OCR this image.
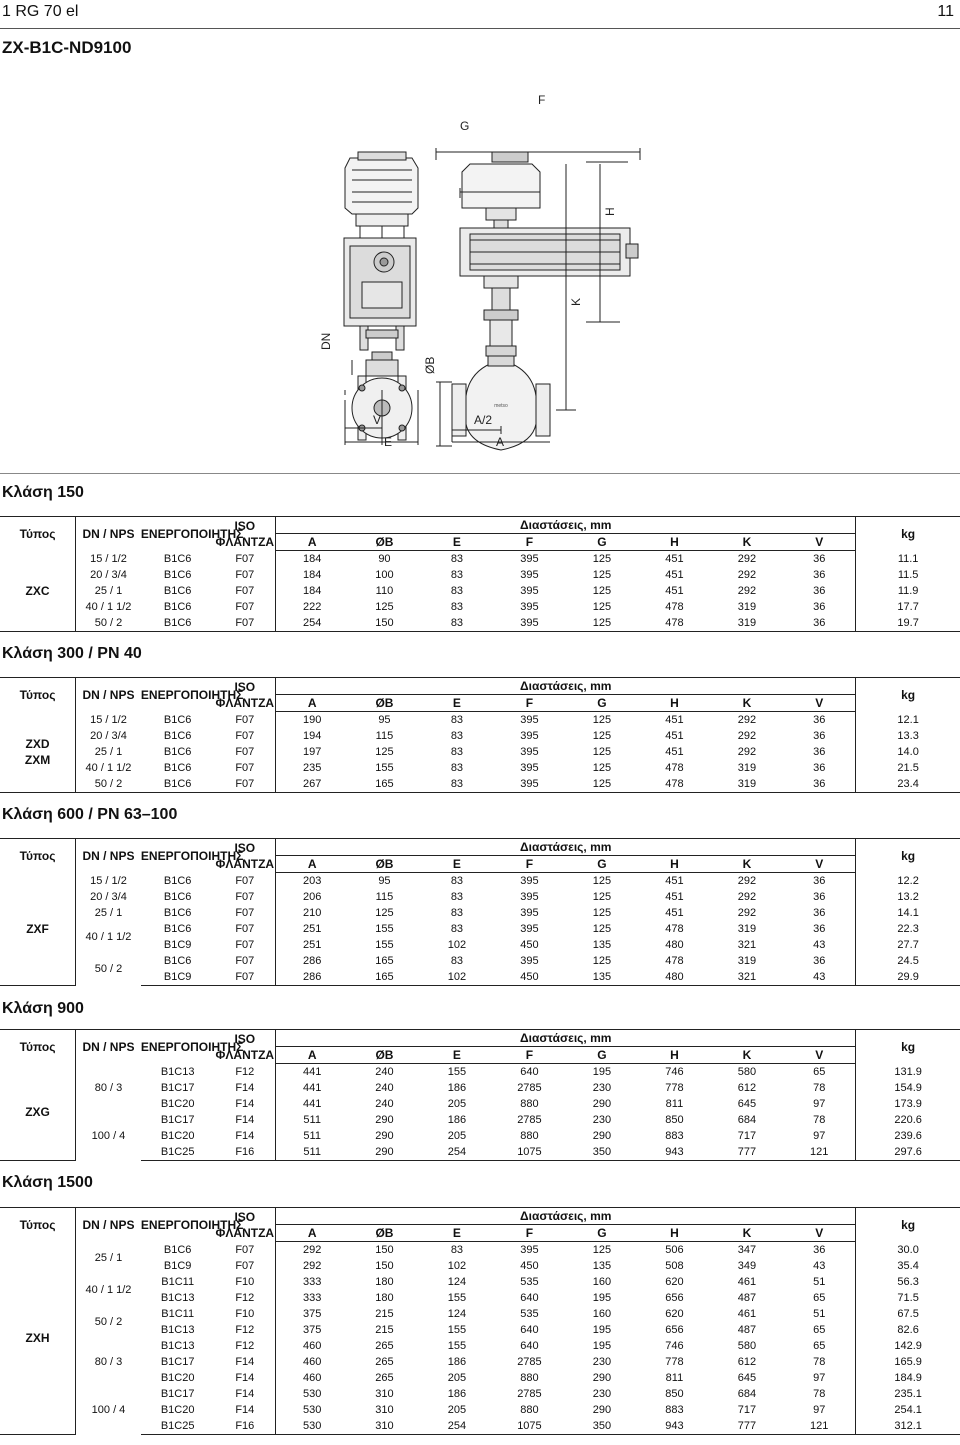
1 RG 70 el	11
ZX-B1C-ND9100
metso
F
G
H
K
DN
ØB
V
E
A/2
A
Κλάση 150
Τύπος	DN / NPS	ΕΝΕΡΓΟΠΟΙΗΤΗΣ	ISO
ΦΛΑΝΤΖΑ	Διαστάσεις, mm								kg
				A	ØB	E	F	G	H	K	V	

ZXC	15 / 1/2	B1C6	F07	184	90	83	395	125	451	292	36	11.1
	20 / 3/4	B1C6	F07	184	100	83	395	125	451	292	36	11.5
	25 / 1	B1C6	F07	184	110	83	395	125	451	292	36	11.9
	40 / 1 1/2	B1C6	F07	222	125	83	395	125	478	319	36	17.7
	50 / 2	B1C6	F07	254	150	83	395	125	478	319	36	19.7
Κλάση 300 / PN 40
Τύπος	DN / NPS	ΕΝΕΡΓΟΠΟΙΗΤΗΣ	ISO
ΦΛΑΝΤΖΑ	Διαστάσεις, mm								kg
				A	ØB	E	F	G	H	K	V	

ZXD
ZXM	15 / 1/2	B1C6	F07	190	95	83	395	125	451	292	36	12.1
	20 / 3/4	B1C6	F07	194	115	83	395	125	451	292	36	13.3
	25 / 1	B1C6	F07	197	125	83	395	125	451	292	36	14.0
	40 / 1 1/2	B1C6	F07	235	155	83	395	125	478	319	36	21.5
	50 / 2	B1C6	F07	267	165	83	395	125	478	319	36	23.4
Κλάση 600 / PN 63–100
Τύπος	DN / NPS	ΕΝΕΡΓΟΠΟΙΗΤΗΣ	ISO
ΦΛΑΝΤΖΑ	Διαστάσεις, mm								kg
				A	ØB	E	F	G	H	K	V	

ZXF	15 / 1/2	B1C6	F07	203	95	83	395	125	451	292	36	12.2
	20 / 3/4	B1C6	F07	206	115	83	395	125	451	292	36	13.2
	25 / 1	B1C6	F07	210	125	83	395	125	451	292	36	14.1
	40 / 1 1/2	B1C6	F07	251	155	83	395	125	478	319	36	22.3
		B1C9	F07	251	155	102	450	135	480	321	43	27.7
	50 / 2	B1C6	F07	286	165	83	395	125	478	319	36	24.5
		B1C9	F07	286	165	102	450	135	480	321	43	29.9
Κλάση 900
Τύπος	DN / NPS	ΕΝΕΡΓΟΠΟΙΗΤΗΣ	ISO
ΦΛΑΝΤΖΑ	Διαστάσεις, mm								kg
				A	ØB	E	F	G	H	K	V	

ZXG	80 / 3	B1C13	F12	441	240	155	640	195	746	580	65	131.9
		B1C17	F14	441	240	186	2785	230	778	612	78	154.9
		B1C20	F14	441	240	205	880	290	811	645	97	173.9
	100 / 4	B1C17	F14	511	290	186	2785	230	850	684	78	220.6
		B1C20	F14	511	290	205	880	290	883	717	97	239.6
		B1C25	F16	511	290	254	1075	350	943	777	121	297.6
Κλάση 1500
Τύπος	DN / NPS	ΕΝΕΡΓΟΠΟΙΗΤΗΣ	ISO
ΦΛΑΝΤΖΑ	Διαστάσεις, mm								kg
				A	ØB	E	F	G	H	K	V	

ZXH	25 / 1	B1C6	F07	292	150	83	395	125	506	347	36	30.0
		B1C9	F07	292	150	102	450	135	508	349	43	35.4
	40 / 1 1/2	B1C11	F10	333	180	124	535	160	620	461	51	56.3
		B1C13	F12	333	180	155	640	195	656	487	65	71.5
	50 / 2	B1C11	F10	375	215	124	535	160	620	461	51	67.5
		B1C13	F12	375	215	155	640	195	656	487	65	82.6
	80 / 3	B1C13	F12	460	265	155	640	195	746	580	65	142.9
		B1C17	F14	460	265	186	2785	230	778	612	78	165.9
		B1C20	F14	460	265	205	880	290	811	645	97	184.9
	100 / 4	B1C17	F14	530	310	186	2785	230	850	684	78	235.1
		B1C20	F14	530	310	205	880	290	883	717	97	254.1
		B1C25	F16	530	310	254	1075	350	943	777	121	312.1
